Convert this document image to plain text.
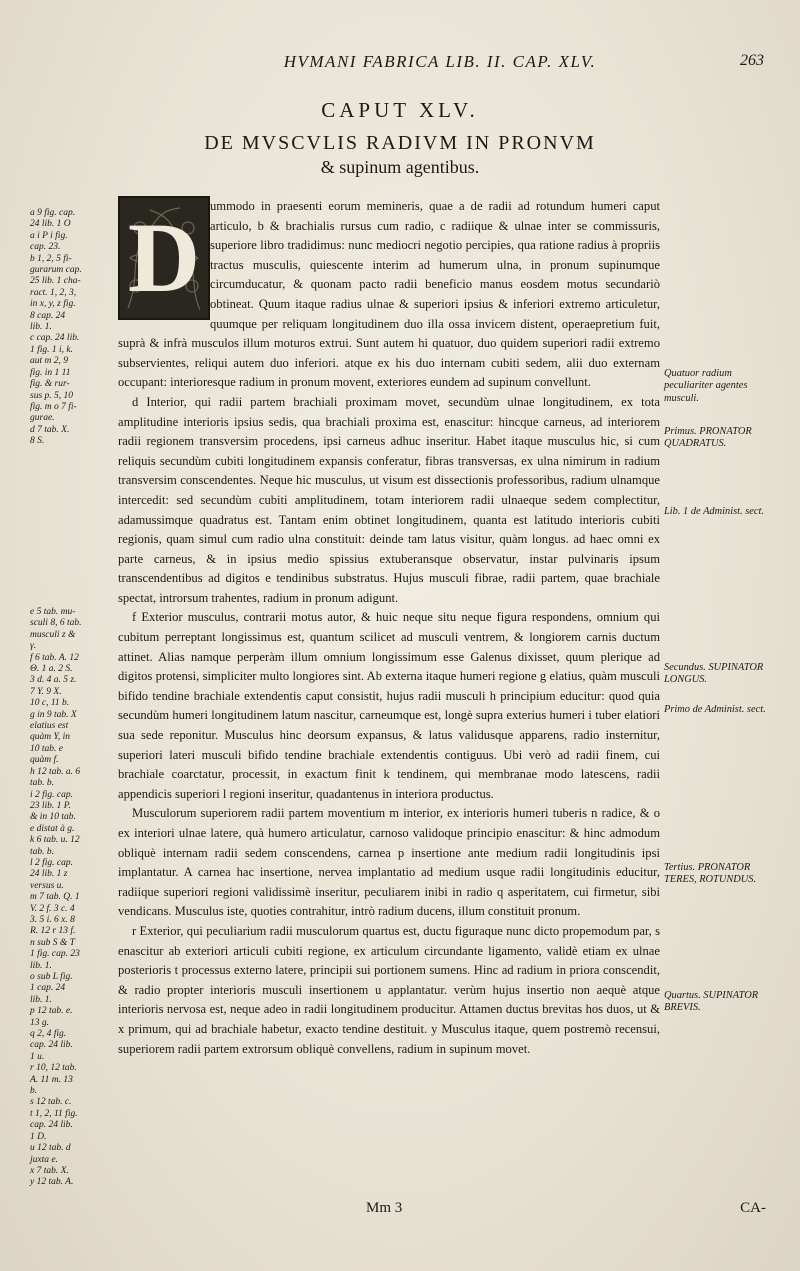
HVMANI FABRICA LIB. II. CAP. XLV.	263
CAPUT XLV.
DE MVSCVLIS RADIVM IN PRONVM
& supinum agentibus.
a 9 fig. cap.
24 lib. 1 O
a i P i fig.
cap. 23.
b 1, 2, 5 fi-
gurarum cap.
25 lib. 1 cha-
ract. 1, 2, 3,
in x, y, z fig.
8 cap. 24
lib. 1.
c cap. 24 lib.
1 fig. 1 i, k.
aut m 2, 9
fig. in 1 11
fig. & rur-
sus p. 5, 10
fig. m o 7 fi-
gurae.
d 7 tab. X.
8 S.
e 5 tab. mu-
sculi 8, 6 tab.
musculi z &
γ.
f 6 tab. A. 12
Θ. 1 a. 2 S.
3 d. 4 a. 5 z.
7 Y. 9 X.
10 c, 11 b.
g in 9 tab. X
elatius est
quàm Y, in
10 tab. e
quàm f.
h 12 tab. a. 6
tab. b.
i 2 fig. cap.
23 lib. 1 P.
& in 10 tab.
e distat à g.
k 6 tab. u. 12
tab. b.
l 2 fig. cap.
24 lib. 1 z
versus u.
m 7 tab. Q. 1
V. 2 f. 3 c. 4
3. 5 i. 6 x. 8
R. 12 r 13 f.
n sub S & T
1 fig. cap. 23
lib. 1.
o sub L fig.
1 cap. 24
lib. 1.
p 12 tab. e.
13 g.
q 2, 4 fig.
cap. 24 lib.
1 u.
r 10, 12 tab.
A. 11 m. 13
b.
s 12 tab. c.
t 1, 2, 11 fig.
cap. 24 lib.
1 D.
u 12 tab. d
juxta e.
x 7 tab. X.
y 12 tab. A.

ummodo in praesenti eorum memineris, quae a de radii ad rotundum humeri caput articulo, b & brachialis rursus cum radio, c radiique & ulnae inter se commissuris, superiore libro tradidimus: nunc mediocri negotio percipies, qua ratione radius à propriis tractus musculis, quiescente interim ad humerum ulna, in pronum supinumque circumducatur, & quonam pacto radii beneficio manus eosdem motus secundariò obtineat. Quum itaque radius ulnae & superiori ipsius & inferiori extremo articuletur, quumque per reliquam longitudinem duo illa ossa invicem distent, operaepretium fuit, suprà & infrà musculos illum moturos extrui. Sunt autem hi quatuor, duo quidem superiori radii extremo subservientes, reliqui autem duo inferiori. atque ex his duo internam cubiti sedem, alii duo externam occupant: interioresque radium in pronum movent, exteriores eundem ad supinum convellunt.

d Interior, qui radii partem brachiali proximam movet, secundùm ulnae longitudinem, ex tota amplitudine interioris ipsius sedis, qua brachiali proxima est, enascitur: hincque carneus, ad interiorem radii regionem transversim procedens, ipsi carneus adhuc inseritur. Habet itaque musculus hic, si cum reliquis secundùm cubiti longitudinem expansis conferatur, fibras transversas, ex ulna nimirum in radium transversim conscendentes. Neque hic musculus, ut visum est dissectionis professoribus, radium ulnamque intercedit: sed secundùm cubiti amplitudinem, totam interiorem radii ulnaeque sedem complectitur, adamussimque quadratus est. Tantam enim obtinet longitudinem, quanta est latitudo interioris cubiti regionis, quam simul cum radio ulna constituit: deinde tam latus visitur, quàm longus. ad haec omni ex parte carneus, & in ipsius medio spissius extuberansque observatur, instar pulvinaris ipsum transcendentibus ad digitos e tendinibus substratus. Hujus musculi fibrae, radii partem, quae brachiale spectat, introrsum trahentes, radium in pronum adigunt.

f Exterior musculus, contrarii motus autor, & huic neque situ neque figura respondens, omnium qui cubitum perreptant longissimus est, quantum scilicet ad musculi ventrem, & longiorem carnis ductum attinet. Alias namque perperàm illum omnium longissimum esse Galenus dixisset, quum plerique ad digitos protensi, simpliciter multo longiores sint. Ab externa itaque humeri regione g elatius, quàm musculi bifido tendine brachiale extendentis caput consistit, hujus radii musculi h principium educitur: quod quia secundùm humeri longitudinem latum nascitur, carneumque est, longè supra exterius humeri i tuber elatiori sua sede reponitur. Musculus hinc deorsum expansus, & latus validusque apparens, radio insternitur, superiori lateri musculi bifido tendine brachiale extendentis contiguus. Ubi verò ad radii finem, cui brachiale coarctatur, processit, in exactum finit k tendinem, qui membranae modo latescens, radii appendicis superiori l regioni inseritur, quadantenus in interiora productus.

Musculorum superiorem radii partem moventium m interior, ex interioris humeri tuberis n radice, & o ex interiori ulnae latere, quà humero articulatur, carnoso validoque principio enascitur: & hinc admodum obliquè internam radii sedem conscendens, carnea p insertione ante medium radii longitudinis ipsi implantatur. A carnea hac insertione, nervea implantatio ad medium usque radii longitudinis educitur, radiique superiori regioni validissimè inseritur, peculiarem inibi in radio q asperitatem, cui firmetur, sibi vendicans. Musculus iste, quoties contrahitur, intrò radium ducens, illum constituit pronum.

r Exterior, qui peculiarium radii musculorum quartus est, ductu figuraque nunc dicto propemodum par, s enascitur ab exteriori articuli cubiti regione, ex articulum circundante ligamento, validè etiam ex ulnae posterioris t processus externo latere, principii sui portionem sumens. Hinc ad radium in priora conscendit, & radio propter interioris musculi insertionem u applantatur. verùm hujus insertio non aequè atque interioris nervosa est, neque adeo in radii longitudinem producitur. Attamen ductus brevitas hos duos, ut & x primum, qui ad brachiale habetur, exacto tendine destituit. y Musculus itaque, quem postremò recensui, superiorem radii partem extrorsum obliquè convellens, radium in supinum movet.

D
Quatuor radium peculiariter agentes musculi.
Primus. PRONATOR QUADRATUS.
Lib. 1 de Administ. sect.
Secundus. SUPINATOR LONGUS.
Primo de Administ. sect.
Tertius. PRONATOR TERES, ROTUNDUS.
Quartus. SUPINATOR BREVIS.
Mm 3	CA-
